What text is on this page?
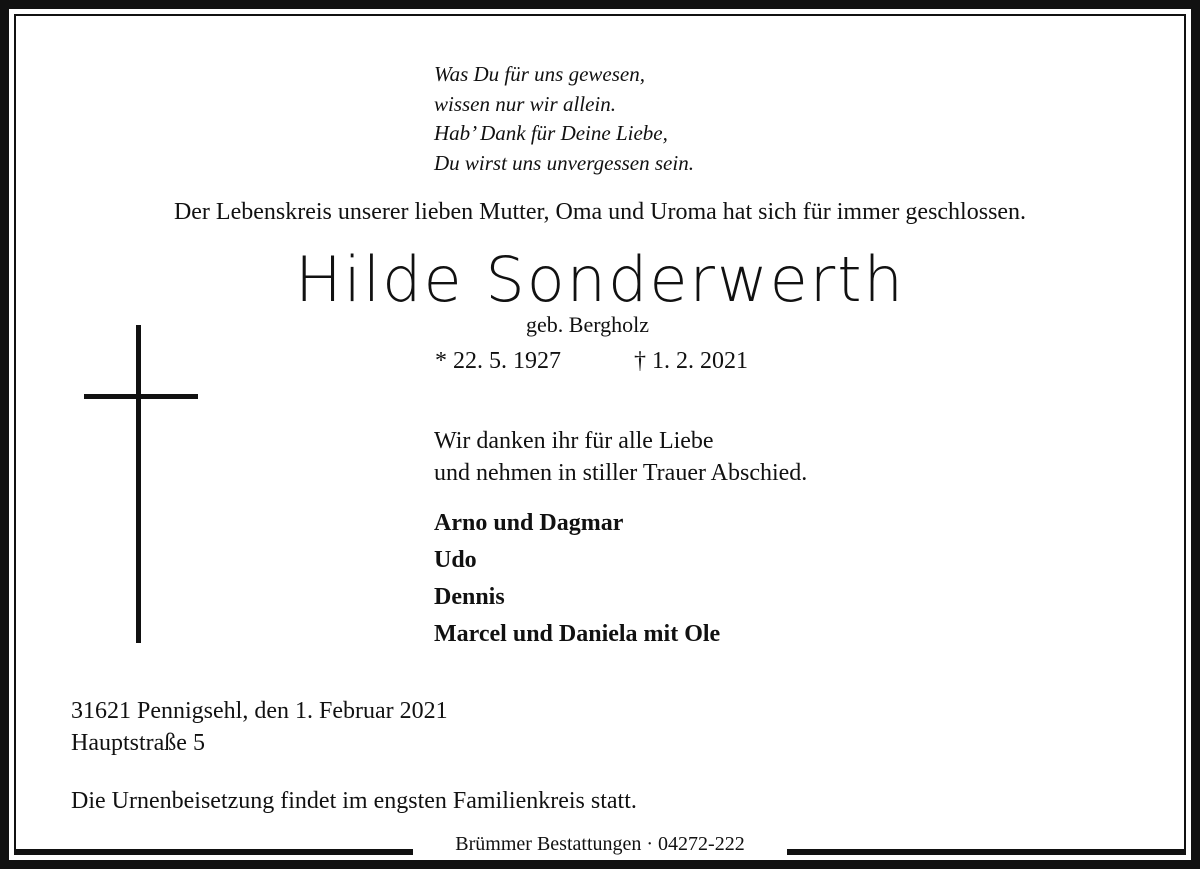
Was Du für uns gewesen,
wissen nur wir allein.
Hab’ Dank für Deine Liebe,
Du wirst uns unvergessen sein.
Der Lebenskreis unserer lieben Mutter, Oma und Uroma hat sich für immer geschlossen.
Hilde Sonderwerth
geb. Bergholz
* 22. 5. 1927	† 1. 2. 2021
Wir danken ihr für alle Liebe
und nehmen in stiller Trauer Abschied.
Arno und Dagmar
Udo
Dennis
Marcel und Daniela mit Ole
31621 Pennigsehl, den 1. Februar 2021
Hauptstraße 5
Die Urnenbeisetzung findet im engsten Familienkreis statt.
Brümmer Bestattungen · 04272-222
